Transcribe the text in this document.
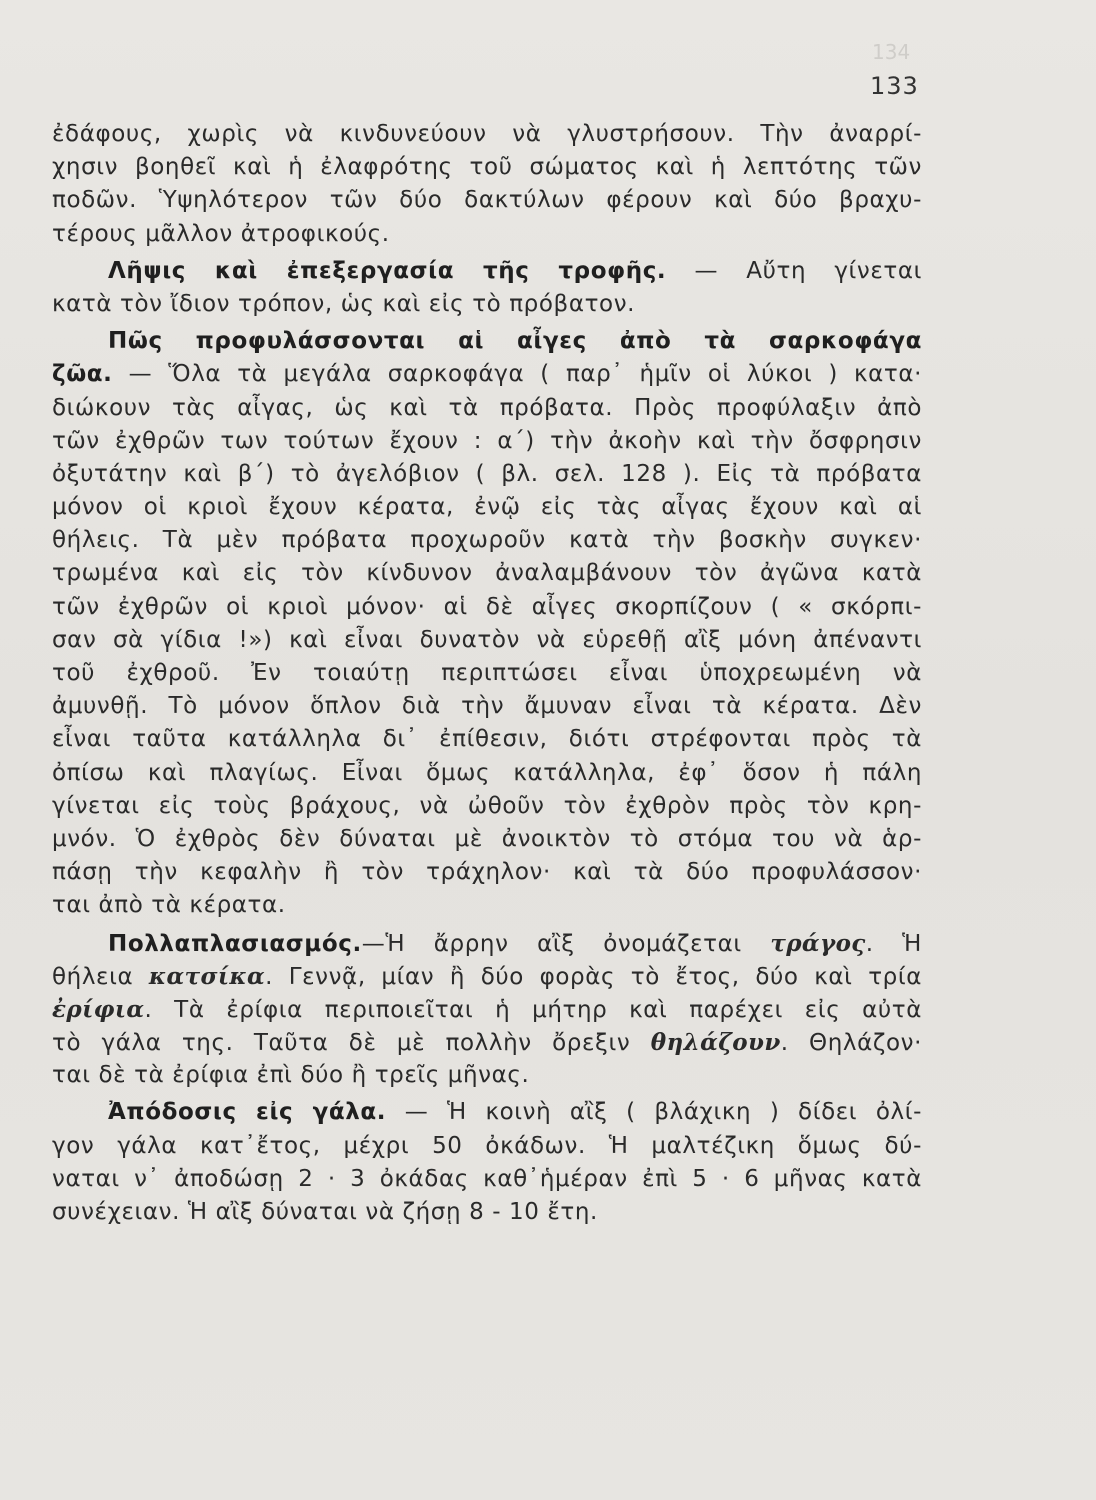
134
133
ἐδάφους, χωρὶς νὰ κινδυνεύουν νὰ γλυστρήσουν. Τὴν ἀναρρί-
χησιν βοηθεῖ καὶ ἡ ἐλαφρότης τοῦ σώματος καὶ ἡ λεπτότης τῶν
ποδῶν. Ὑψηλότερον τῶν δύο δακτύλων φέρουν καὶ δύο βραχυ-
τέρους μᾶλλον ἀτροφικούς.
Λῆψις καὶ ἐπεξεργασία τῆς τροφῆς. — Αὔτη γίνεται
κατὰ τὸν ἴδιον τρόπον, ὡς καὶ εἰς τὸ πρόβατον.
Πῶς προφυλάσσονται αἱ αἶγες ἀπὸ τὰ σαρκοφάγα
ζῶα. — Ὅλα τὰ μεγάλα σαρκοφάγα ( παρ᾽ ἡμῖν οἱ λύκοι ) κατα·
διώκουν τὰς αἶγας, ὡς καὶ τὰ πρόβατα. Πρὸς προφύλαξιν ἀπὸ
τῶν ἐχθρῶν των τούτων ἔχουν : α΄) τὴν ἀκοὴν καὶ τὴν ὄσφρησιν
ὀξυτάτην καὶ β΄) τὸ ἀγελόβιον ( βλ. σελ. 128 ). Εἰς τὰ πρόβατα
μόνον οἱ κριοὶ ἔχουν κέρατα, ἐνῷ εἰς τὰς αἶγας ἔχουν καὶ αἱ
θήλεις. Τὰ μὲν πρόβατα προχωροῦν κατὰ τὴν βοσκὴν συγκεν·
τρωμένα καὶ εἰς τὸν κίνδυνον ἀναλαμβάνουν τὸν ἀγῶνα κατὰ
τῶν ἐχθρῶν οἱ κριοὶ μόνον· αἱ δὲ αἶγες σκορπίζουν ( « σκόρπι-
σαν σὰ γίδια !») καὶ εἶναι δυνατὸν νὰ εὑρεθῇ αἲξ μόνη ἀπέναντι
τοῦ ἐχθροῦ. Ἐν τοιαύτῃ περιπτώσει εἶναι ὑποχρεωμένη νὰ
ἀμυνθῇ. Τὸ μόνον ὅπλον διὰ τὴν ἄμυναν εἶναι τὰ κέρατα. Δὲν
εἶναι ταῦτα κατάλληλα δι᾽ ἐπίθεσιν, διότι στρέφονται πρὸς τὰ
ὀπίσω καὶ πλαγίως. Εἶναι ὅμως κατάλληλα, ἐφ᾽ ὅσον ἡ πάλη
γίνεται εἰς τοὺς βράχους, νὰ ὠθοῦν τὸν ἐχθρὸν πρὸς τὸν κρη-
μνόν. Ὁ ἐχθρὸς δὲν δύναται μὲ ἀνοικτὸν τὸ στόμα του νὰ ἁρ-
πάσῃ τὴν κεφαλὴν ἢ τὸν τράχηλον· καὶ τὰ δύο προφυλάσσον·
ται ἀπὸ τὰ κέρατα.
Πολλαπλασιασμός.—Ἡ ἄρρην αἲξ ὀνομάζεται τράγος. Ἡ
θήλεια κατσίκα. Γεννᾷ, μίαν ἢ δύο φορὰς τὸ ἔτος, δύο καὶ τρία
ἐρίφια. Τὰ ἐρίφια περιποιεῖται ἡ μήτηρ καὶ παρέχει εἰς αὐτὰ
τὸ γάλα της. Ταῦτα δὲ μὲ πολλὴν ὄρεξιν θηλάζουν. Θηλάζον·
ται δὲ τὰ ἐρίφια ἐπὶ δύο ἢ τρεῖς μῆνας.
Ἀπόδοσις εἰς γάλα. — Ἡ κοινὴ αἲξ ( βλάχικη ) δίδει ὀλί-
γον γάλα κατ᾽ἔτος, μέχρι 50 ὀκάδων. Ἡ μαλτέζικη ὅμως δύ-
ναται ν᾽ ἀποδώσῃ 2 · 3 ὀκάδας καθ᾽ἡμέραν ἐπὶ 5 · 6 μῆνας κατὰ
συνέχειαν. Ἡ αἲξ δύναται νὰ ζήσῃ 8 - 10 ἔτη.
